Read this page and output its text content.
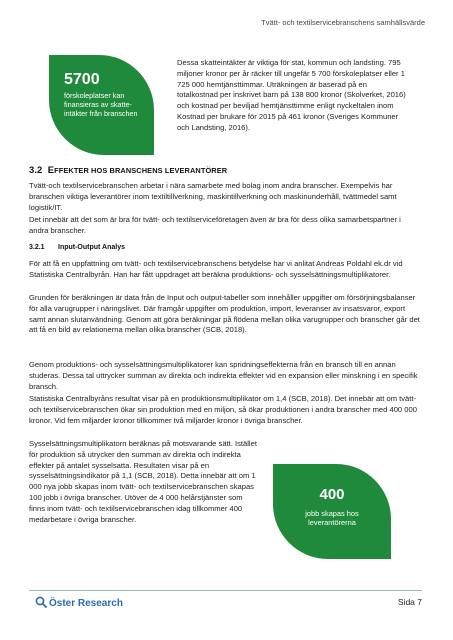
Tvätt- och textilservicebranschens samhällsvärde
5700
förskoleplatser kan finansieras av skatte- intäkter från branschen
Dessa skatteintäkter är viktiga för stat, kommun och landsting. 795 miljoner kronor per år räcker till ungefär 5 700 förskoleplatser eller 1 725 000 hemtjänsttimmar. Uträkningen är baserad på en totalkostnad per inskrivet barn på 138 800 kronor (Skolverket, 2016) och kostnad per beviljad hemtjänsttimme enligt nyckeltalen inom Kostnad per brukare för 2015 på 461 kronor (Sveriges Kommuner och Landsting, 2016).
3.2 EFFEKTER HOS BRANSCHENS LEVERANTÖRER
Tvätt-och textilservicebranschen arbetar i nära samarbete med bolag inom andra branscher. Exempelvis har branschen viktiga leverantörer inom textiltillverkning, maskintillverkning och maskinunderhåll, tvättmedel samt logistik/IT.
Det innebär att det som är bra för tvätt- och textilserviceföretagen även är bra för dess olika samarbetspartner i andra branscher.
3.2.1 Input-Output Analys
För att få en uppfattning om tvätt- och textilservicebranschens betydelse har vi anlitat Andreas Poldahl ek.dr vid Statistiska Centralbyrån. Han har fått uppdraget att beräkna produktions- och sysselsättningsmultiplikatorer.
Grunden för beräkningen är data från de Input och output-tabeller som innehåller uppgifter om försörjningsbalanser för alla varugrupper i näringslivet. Där framgår uppgifter om produktion, import, leveranser av insatsvaror, export samt annan slutanvändning. Genom att göra beräkningar på flödena mellan olika varugrupper och branscher går det att få en bild av relationerna mellan olika branscher (SCB, 2018).
Genom produktions- och sysselsättningsmultiplikatorer kan spridningseffekterna från en bransch till en annan studeras. Dessa tal uttrycker summan av direkta och indirekta effekter vid en expansion eller minskning i en specifik bransch.
Statistiska Centralbyråns resultat visar på en produktionsmultiplikator om 1,4 (SCB, 2018). Det innebär att om tvätt- och textilservicebranschen ökar sin produktion med en miljon, så ökar produktionen i andra branscher med 400 000 kronor. Vid fem miljarder kronor tillkommer två miljarder kronor i övriga branscher.
Sysselsättningsmultiplikatorn beräknas på motsvarande sätt. Istället för produktion så utrycker den summan av direkta och indirekta effekter på antalet sysselsatta. Resultaten visar på en sysselsättningsindikator på 1,1 (SCB, 2018). Detta innebär att om 1 000 nya jobb skapas inom tvätt- och textilservicebranschen skapas 100 jobb i övriga branscher. Utöver de 4 000 helårstjänster som finns inom tvätt- och textilservicebranschen idag tillkommer 400 medarbetare i övriga branscher.
400
jobb skapas hos leverantörerna
Öster Research	Sida 7
